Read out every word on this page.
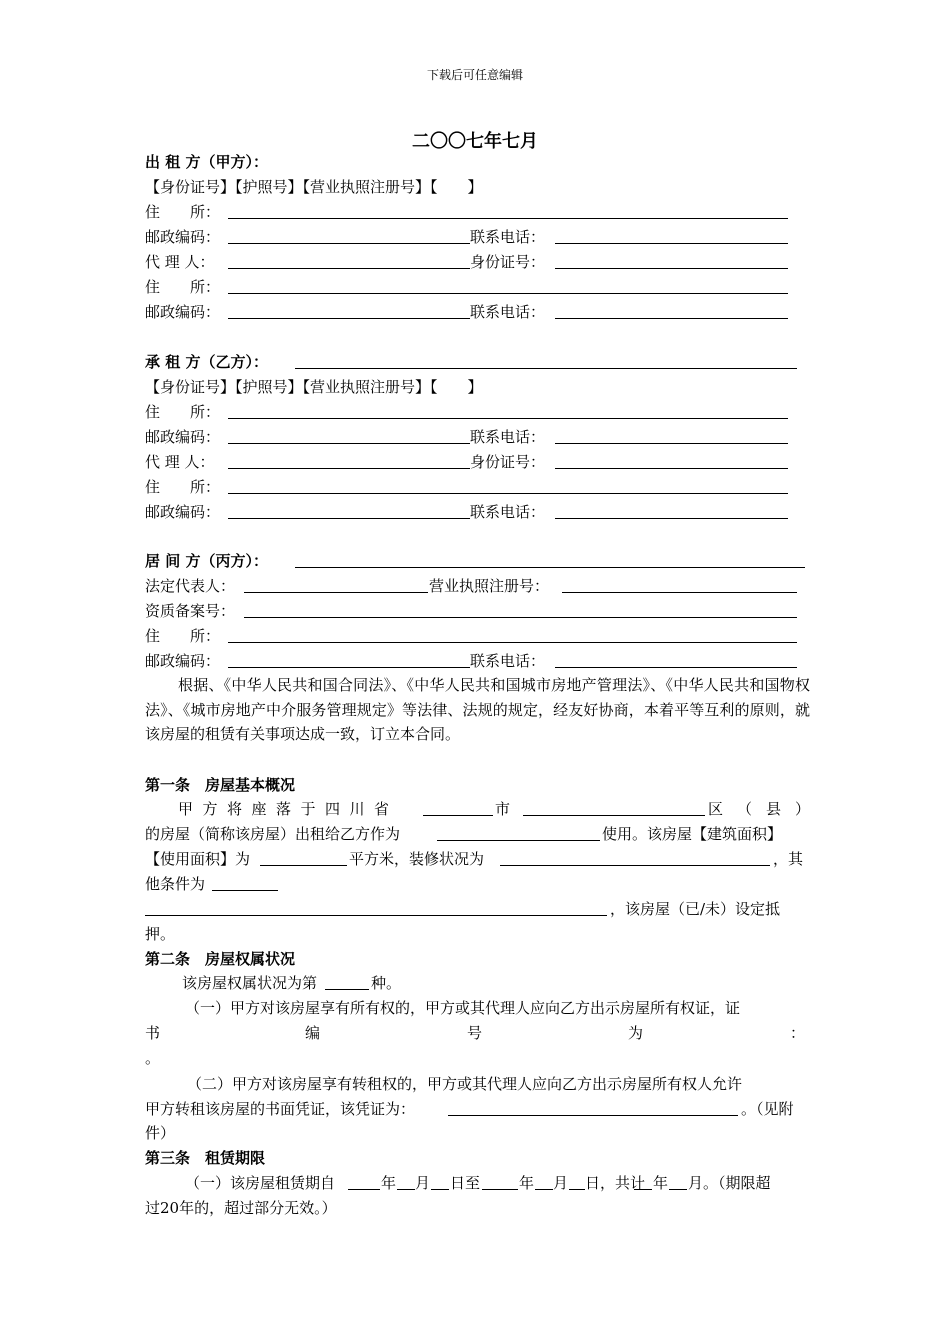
下载后可任意编辑
二〇〇七年七月
出 租 方（甲方）：
【身份证号】【护照号】【营业执照注册号】【　　】
住　　所：
邮政编码：	联系电话：
代 理 人：	身份证号：
住　　所：
邮政编码：	联系电话：
承 租 方（乙方）：
【身份证号】【护照号】【营业执照注册号】【　　】
住　　所：
邮政编码：	联系电话：
代 理 人：	身份证号：
住　　所：
邮政编码：	联系电话：
居 间 方（丙方）：
法定代表人：	营业执照注册号：
资质备案号：
住　　所：
邮政编码：	联系电话：
根据、《中华人民共和国合同法》、《中华人民共和国城市房地产管理法》、《中华人民共和国物权法》、《城市房地产中介服务管理规定》等法律、法规的规定，经友好协商，本着平等互利的原则，就该房屋的租赁有关事项达成一致，订立本合同。
第一条　房屋基本概况
甲方将座落于四川省	市	区（县）
的房屋（简称该房屋）出租给乙方作为	使用。该房屋【建筑面积】
【使用面积】为	平方米，装修状况为	，其
他条件为
，该房屋（已/未）设定抵
押。
第二条　房屋权属状况
该房屋权属状况为第	种。
（一）甲方对该房屋享有所有权的，甲方或其代理人应向乙方出示房屋所有权证，证
书	编	号	为	：
。
（二）甲方对该房屋享有转租权的，甲方或其代理人应向乙方出示房屋所有权人允许
甲方转租该房屋的书面凭证，该凭证为：	。（见附
件）
第三条　租赁期限
（一）该房屋租赁期自	年 月 日至	年 月 日，共计 年 月。（期限超
过20年的，超过部分无效。）
